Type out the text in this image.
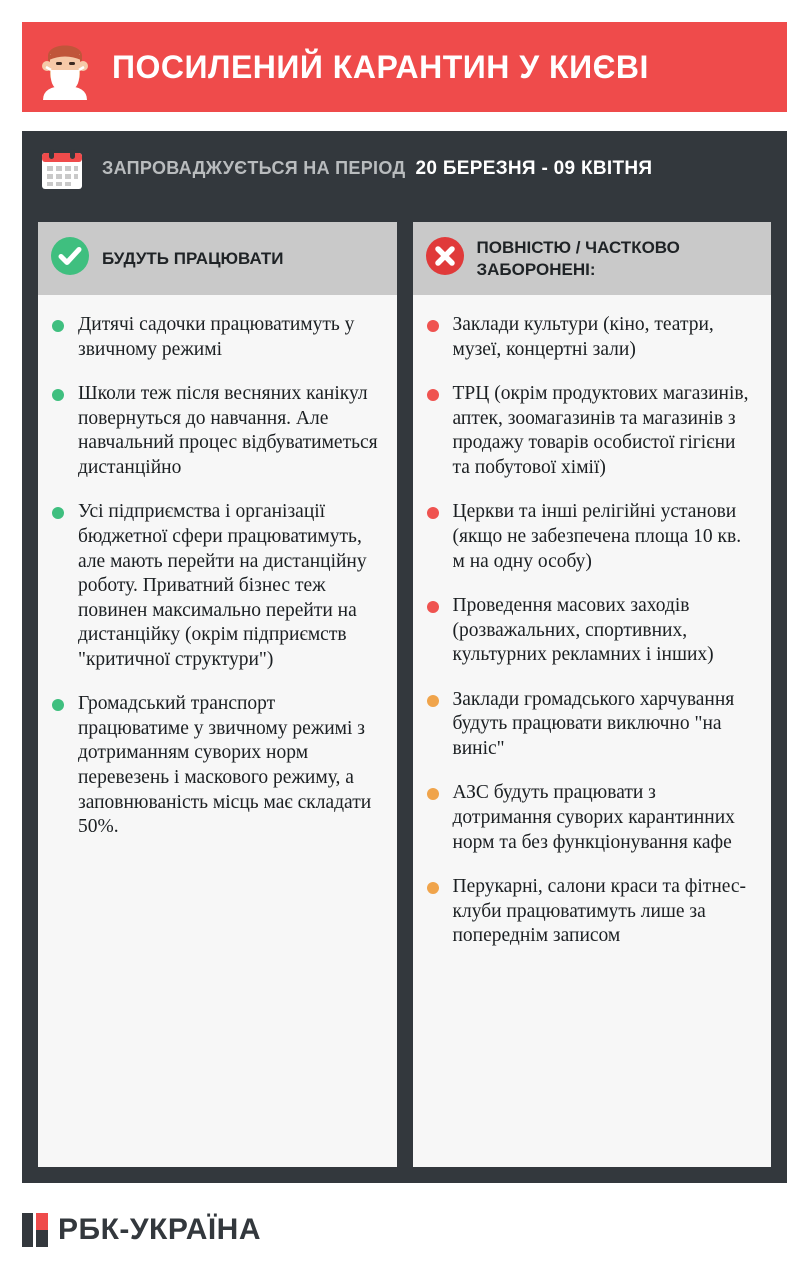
ПОСИЛЕНИЙ КАРАНТИН У КИЄВІ
ЗАПРОВАДЖУЄТЬСЯ НА ПЕРІОД 20 БЕРЕЗНЯ - 09 КВІТНЯ
БУДУТЬ ПРАЦЮВАТИ
Дитячі садочки працюватимуть у звичному режимі
Школи теж після весняних канікул повернуться до навчання. Але навчальний процес відбуватиметься дистанційно
Усі підприємства і організації бюджетної сфери працюватимуть, але мають перейти на дистанційну роботу. Приватний бізнес теж повинен максимально перейти на дистанційку (окрім підприємств "критичної структури")
Громадський транспорт працюватиме у звичному режимі з дотриманням суворих норм перевезень і маскового режиму, а заповнюваність місць має складати 50%.
ПОВНІСТЮ / ЧАСТКОВО ЗАБОРОНЕНІ:
Заклади культури (кіно, театри, музеї, концертні зали)
ТРЦ (окрім продуктових магазинів, аптек, зоомагазинів та магазинів з продажу товарів особистої гігієни та побутової хімії)
Церкви та інші релігійні установи (якщо не забезпечена площа 10 кв. м на одну особу)
Проведення масових заходів (розважальних, спортивних, культурних рекламних і інших)
Заклади громадського харчування будуть працювати виключно "на виніс"
АЗС будуть працювати з дотримання суворих карантинних норм та без функціонування кафе
Перукарні, салони краси та фітнес-клуби працюватимуть лише за попереднім записом
РБК-УКРАЇНА
